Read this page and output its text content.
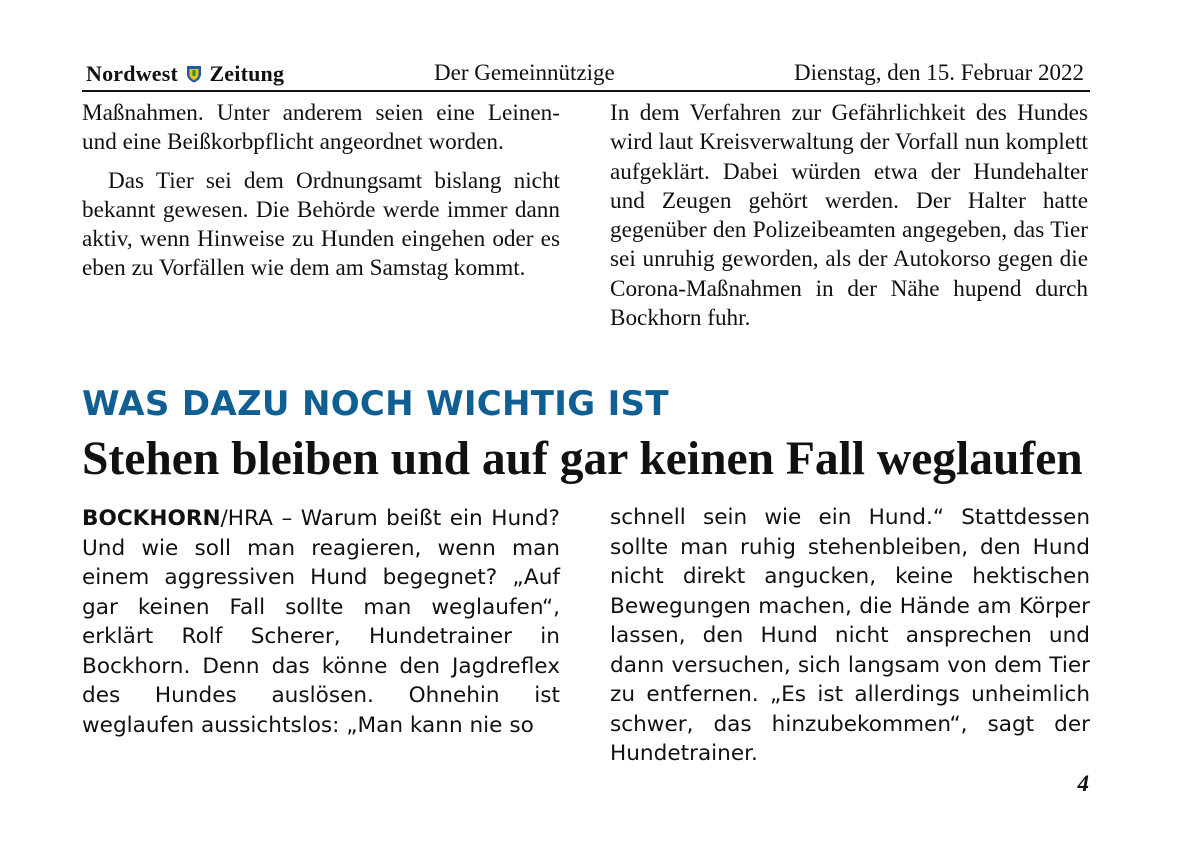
Nordwest Zeitung	Der Gemeinnützige	Dienstag, den 15. Februar 2022

Maßnahmen. Unter anderem seien eine Leinen- und eine Beißkorbpflicht angeordnet worden.

Das Tier sei dem Ordnungsamt bislang nicht bekannt gewesen. Die Behörde werde immer dann aktiv, wenn Hinweise zu Hunden eingehen oder es eben zu Vorfällen wie dem am Samstag kommt.

In dem Verfahren zur Gefährlichkeit des Hundes wird laut Kreisverwaltung der Vorfall nun komplett aufgeklärt. Dabei würden etwa der Hundehalter und Zeugen gehört werden. Der Halter hatte gegenüber den Polizeibeamten angegeben, das Tier sei unruhig geworden, als der Autokorso gegen die Corona-Maßnahmen in der Nähe hupend durch Bockhorn fuhr.

WAS DAZU NOCH WICHTIG IST
Stehen bleiben und auf gar keinen Fall weglaufen

BOCKHORN/HRA – Warum beißt ein Hund? Und wie soll man reagieren, wenn man einem aggressiven Hund begegnet? „Auf gar keinen Fall sollte man weglaufen“, erklärt Rolf Scherer, Hundetrainer in Bockhorn. Denn das könne den Jagdreflex des Hundes auslösen. Ohnehin ist weglaufen aussichtslos: „Man kann nie so

schnell sein wie ein Hund.“ Stattdessen sollte man ruhig stehenbleiben, den Hund nicht direkt angucken, keine hektischen Bewegungen machen, die Hände am Körper lassen, den Hund nicht ansprechen und dann versuchen, sich langsam von dem Tier zu entfernen. „Es ist allerdings unheimlich schwer, das hinzubekommen“, sagt der Hundetrainer.

4
